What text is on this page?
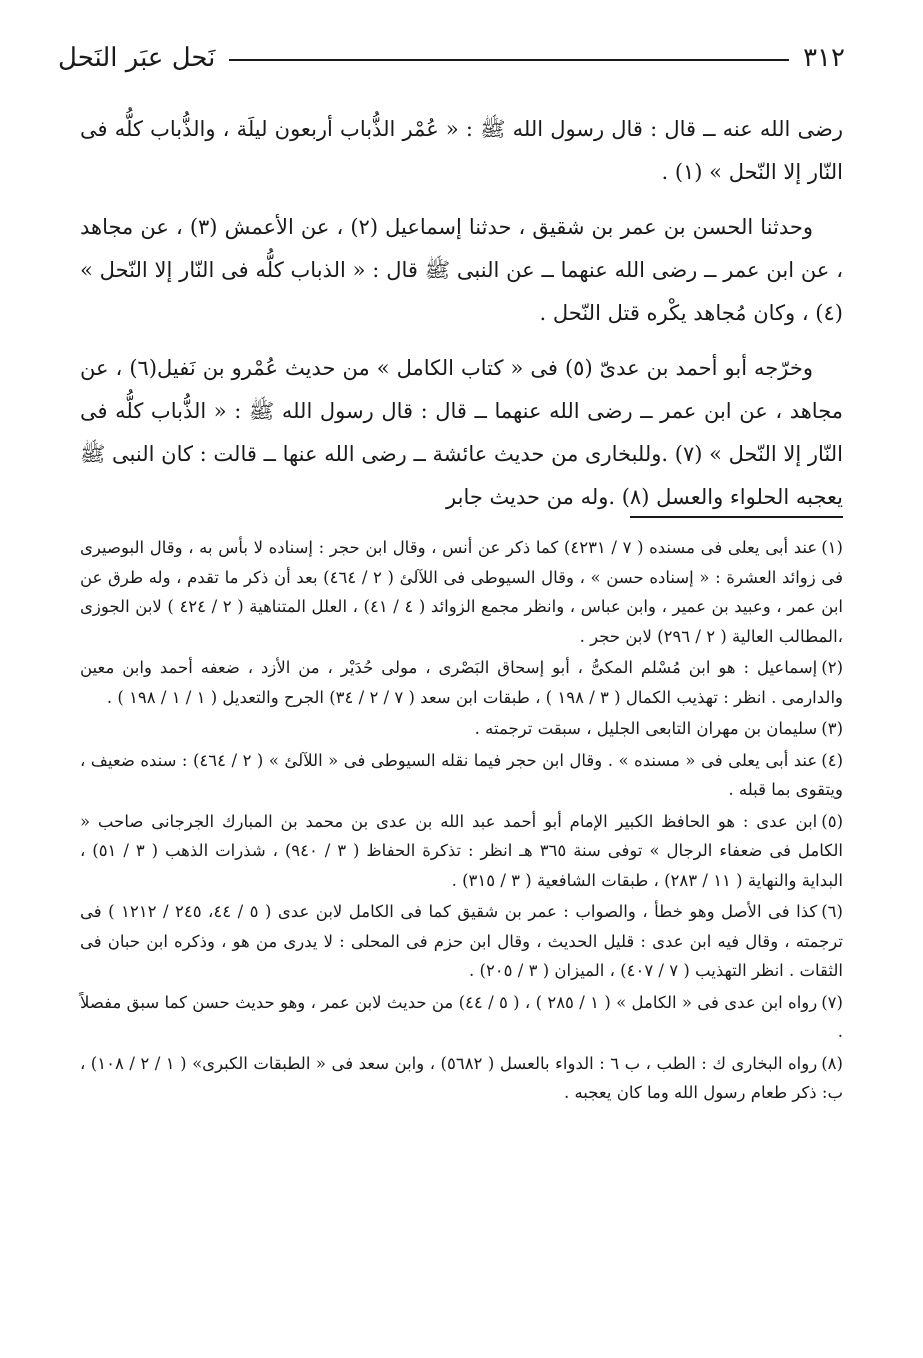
٣١٢
نَحل عبَر النَحل

رضى الله عنه ــ قال : قال رسول الله ﷺ : « عُمْر الذُّباب أربعون ليلَة ، والذُّباب كلُّه فى النّار إلا النّحل » (١) .

وحدثنا الحسن بن عمر بن شقيق ، حدثنا إسماعيل (٢) ، عن الأعمش (٣) ، عن مجاهد ، عن ابن عمر ــ رضى الله عنهما ــ عن النبى ﷺ قال : « الذباب كلُّه فى النّار إلا النّحل » (٤) ، وكان مُجاهد يكْره قتل النّحل .

وخرّجه أبو أحمد بن عدىّ (٥) فى « كتاب الكامل » من حديث عُمْرو بن نَفيل(٦) ، عن مجاهد ، عن ابن عمر ــ رضى الله عنهما ــ قال : قال رسول الله ﷺ : « الذُّباب كلُّه فى النّار إلا النّحل » (٧) .وللبخارى من حديث عائشة ــ رضى الله عنها ــ قالت : كان النبى ﷺ يعجبه الحلواء والعسل (٨) .وله من حديث جابر

(١)عند أبى يعلى فى مسنده ( ٧ / ٤٢٣١) كما ذكر عن أنس ، وقال ابن حجر : إسناده لا بأس به ، وقال البوصيرى فى زوائد العشرة : « إسناده حسن » ، وقال السيوطى فى اللآلئ ( ٢ / ٤٦٤) بعد أن ذكر ما تقدم ، وله طرق عن ابن عمر ، وعبيد بن عمير ، وابن عباس ، وانظر مجمع الزوائد ( ٤ / ٤١) ، العلل المتناهية ( ٢ / ٤٢٤ ) لابن الجوزى ،المطالب العالية ( ٢ / ٢٩٦) لابن حجر .

(٢)إسماعيل : هو ابن مُسْلم المكىُّ ، أبو إسحاق البَصْرى ، مولى حُدَيْر ، من الأزد ، ضعفه أحمد وابن معين والدارمى . انظر : تهذيب الكمال ( ٣ / ١٩٨ ) ، طبقات ابن سعد ( ٧ / ٢ / ٣٤) الجرح والتعديل ( ١ / ١ / ١٩٨ ) .

(٣)سليمان بن مهران التابعى الجليل ، سبقت ترجمته .

(٤)عند أبى يعلى فى « مسنده » . وقال ابن حجر فيما نقله السيوطى فى « اللآلئ » ( ٢ / ٤٦٤) : سنده ضعيف ، ويتقوى بما قبله .

(٥)ابن عدى : هو الحافظ الكبير الإمام أبو أحمد عبد الله بن عدى بن محمد بن المبارك الجرجانى صاحب « الكامل فى ضعفاء الرجال » توفى سنة ٣٦٥ هـ انظر : تذكرة الحفاظ ( ٣ / ٩٤٠) ، شذرات الذهب ( ٣ / ٥١) ، البداية والنهاية ( ١١ / ٢٨٣) ، طبقات الشافعية ( ٣ / ٣١٥) .

(٦)كذا فى الأصل وهو خطأ ، والصواب : عمر بن شقيق كما فى الكامل لابن عدى ( ٥ / ٤٤، ٢٤٥ / ١٢١٢ ) فى ترجمته ، وقال فيه ابن عدى : قليل الحديث ، وقال ابن حزم فى المحلى : لا يدرى من هو ، وذكره ابن حبان فى الثقات . انظر التهذيب ( ٧ / ٤٠٧) ، الميزان ( ٣ / ٢٠٥) .

(٧)رواه ابن عدى فى « الكامل » ( ١ / ٢٨٥ ) ، ( ٥ / ٤٤) من حديث لابن عمر ، وهو حديث حسن كما سبق مفصلاً .

(٨)رواه البخارى ك : الطب ، ب ٦ : الدواء بالعسل ( ٥٦٨٢) ، وابن سعد فى « الطبقات الكبرى» ( ١ / ٢ / ١٠٨) ، ب: ذكر طعام رسول الله وما كان يعجبه .
